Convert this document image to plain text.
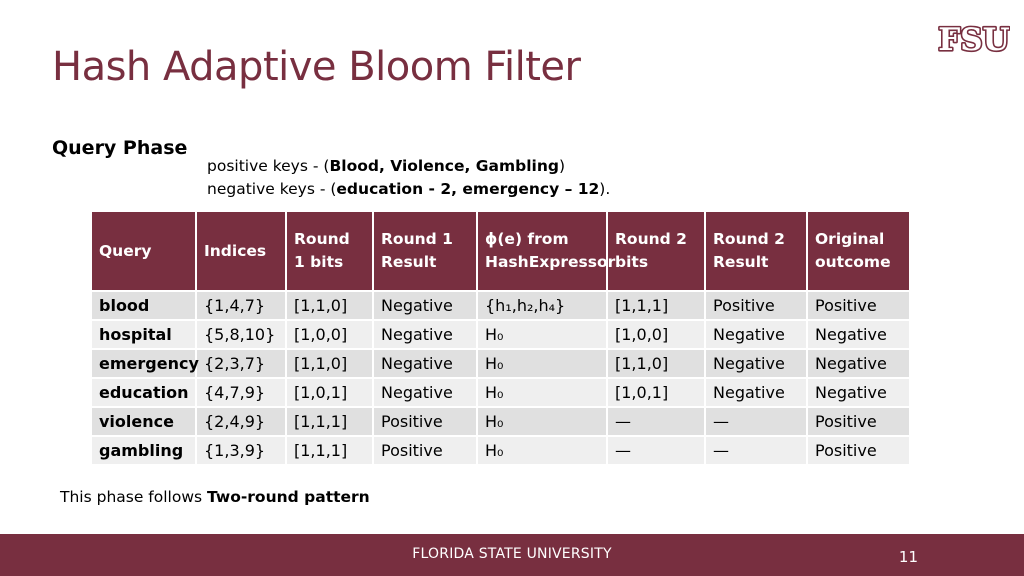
Hash Adaptive Bloom Filter
FSU
Query Phase
positive keys - (Blood, Violence, Gambling)
negative keys - (education - 2, emergency – 12).
Query	Indices	Round 1 bits	Round 1 Result	ϕ(e) from HashExpressor	Round 2 bits	Round 2 Result	Original outcome
blood	{1,4,7}	[1,1,0]	Negative	{h₁,h₂,h₄}	[1,1,1]	Positive	Positive
hospital	{5,8,10}	[1,0,0]	Negative	H₀	[1,0,0]	Negative	Negative
emergency	{2,3,7}	[1,1,0]	Negative	H₀	[1,1,0]	Negative	Negative
education	{4,7,9}	[1,0,1]	Negative	H₀	[1,0,1]	Negative	Negative
violence	{2,4,9}	[1,1,1]	Positive	H₀	—	—	Positive
gambling	{1,3,9}	[1,1,1]	Positive	H₀	—	—	Positive
This phase follows Two-round pattern
FLORIDA STATE UNIVERSITY	11
